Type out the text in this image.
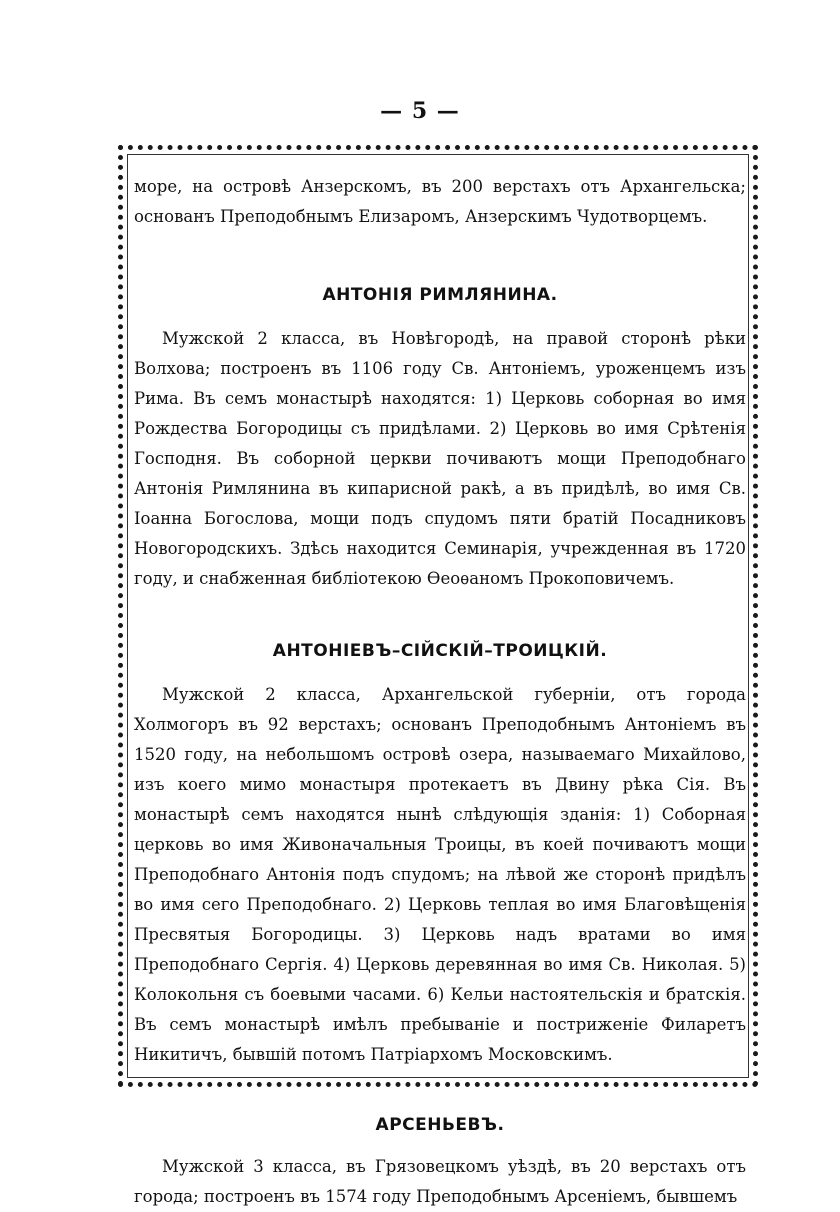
— 5 —

море, на островѣ Анзерскомъ, въ 200 верстахъ отъ Архангельска; основанъ Преподобнымъ Елизаромъ, Анзерскимъ Чудотворцемъ.

АНТОНІЯ РИМЛЯНИНА.

Мужской 2 класса, въ Новѣгородѣ, на правой сторонѣ рѣки Волхова; построенъ въ 1106 году Св. Антоніемъ, уроженцемъ изъ Рима. Въ семъ монастырѣ находятся: 1) Церковь соборная во имя Рождества Богородицы съ придѣлами. 2) Церковь во имя Срѣтенія Господня. Въ соборной церкви почиваютъ мощи Преподобнаго Антонія Римлянина въ кипарисной ракѣ, а въ придѣлѣ, во имя Св. Іоанна Богослова, мощи подъ спудомъ пяти братій Посадниковъ Новогородскихъ. Здѣсь находится Семинарія, учрежденная въ 1720 году, и снабженная библіотекою Ѳеоѳаномъ Прокоповичемъ.

АНТОНІЕВЪ–СІЙСКІЙ–ТРОИЦКІЙ.

Мужской 2 класса, Архангельской губерніи, отъ города Холмогоръ въ 92 верстахъ; основанъ Преподобнымъ Антоніемъ въ 1520 году, на небольшомъ островѣ озера, называемаго Михайлово, изъ коего мимо монастыря протекаетъ въ Двину рѣка Сія. Въ монастырѣ семъ находятся нынѣ слѣдующія зданія: 1) Соборная церковь во имя Живоначальныя Троицы, въ коей почиваютъ мощи Преподобнаго Антонія подъ спудомъ; на лѣвой же сторонѣ придѣлъ во имя сего Преподобнаго. 2) Церковь теплая во имя Благовѣщенія Пресвятыя Богородицы. 3) Церковь надъ вратами во имя Преподобнаго Сергія. 4) Церковь деревянная во имя Св. Николая. 5) Колокольня съ боевыми часами. 6) Кельи настоятельскія и братскія. Въ семъ монастырѣ имѣлъ пребываніе и постриженіе Филаретъ Никитичъ, бывшій потомъ Патріархомъ Московскимъ.

АРСЕНЬЕВЪ.

Мужской 3 класса, въ Грязовецкомъ уѣздѣ, въ 20 верстахъ отъ города; построенъ въ 1574 году Преподобнымъ Арсеніемъ, бывшемъ
